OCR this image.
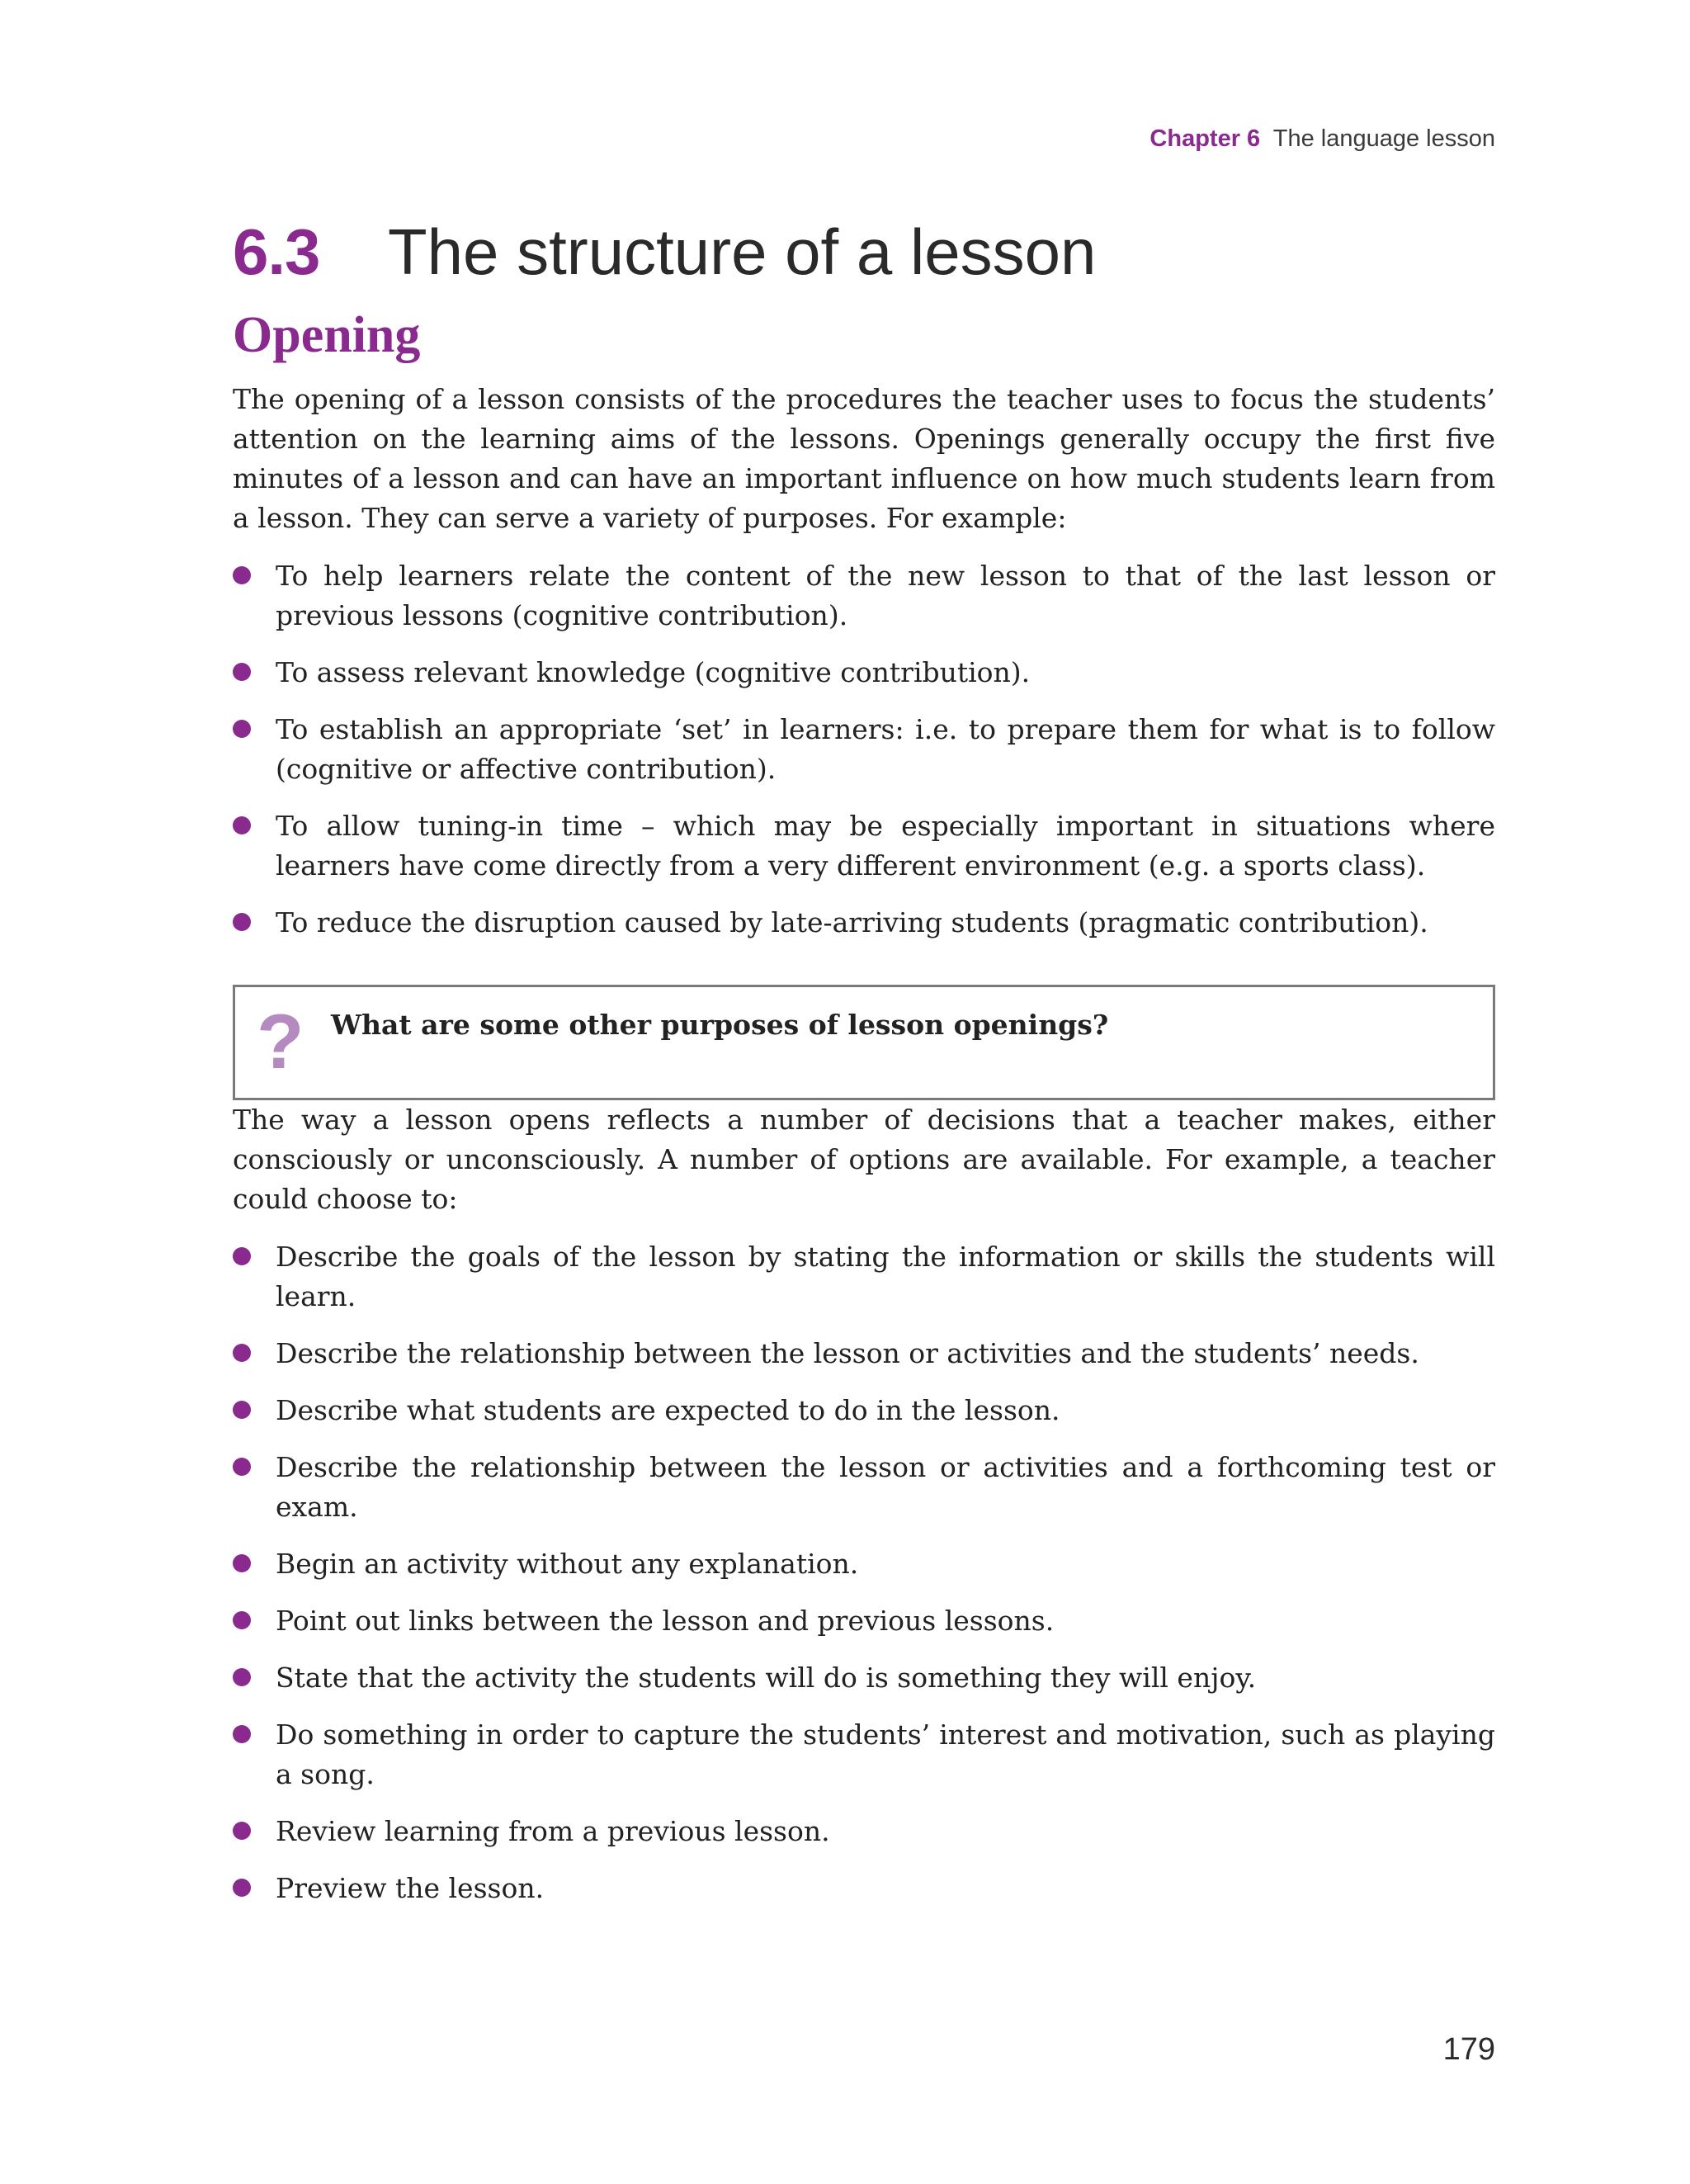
Chapter 6 The language lesson
6.3	The structure of a lesson
Opening

The opening of a lesson consists of the procedures the teacher uses to focus the students’ attention on the learning aims of the lessons. Openings generally occupy the first five minutes of a lesson and can have an important influence on how much students learn from a lesson. They can serve a variety of purposes. For example:

To help learners relate the content of the new lesson to that of the last lesson or previous lessons (cognitive contribution).
To assess relevant knowledge (cognitive contribution).
To establish an appropriate ‘set’ in learners: i.e. to prepare them for what is to follow (cognitive or affective contribution).
To allow tuning-in time – which may be especially important in situations where learners have come directly from a very different environment (e.g. a sports class).
To reduce the disruption caused by late-arriving students (pragmatic contribution).
? What are some other purposes of lesson openings?

The way a lesson opens reflects a number of decisions that a teacher makes, either consciously or unconsciously. A number of options are available. For example, a teacher could choose to:

Describe the goals of the lesson by stating the information or skills the students will learn.
Describe the relationship between the lesson or activities and the students’ needs.
Describe what students are expected to do in the lesson.
Describe the relationship between the lesson or activities and a forthcoming test or exam.
Begin an activity without any explanation.
Point out links between the lesson and previous lessons.
State that the activity the students will do is something they will enjoy.
Do something in order to capture the students’ interest and motivation, such as playing a song.
Review learning from a previous lesson.
Preview the lesson.
179
